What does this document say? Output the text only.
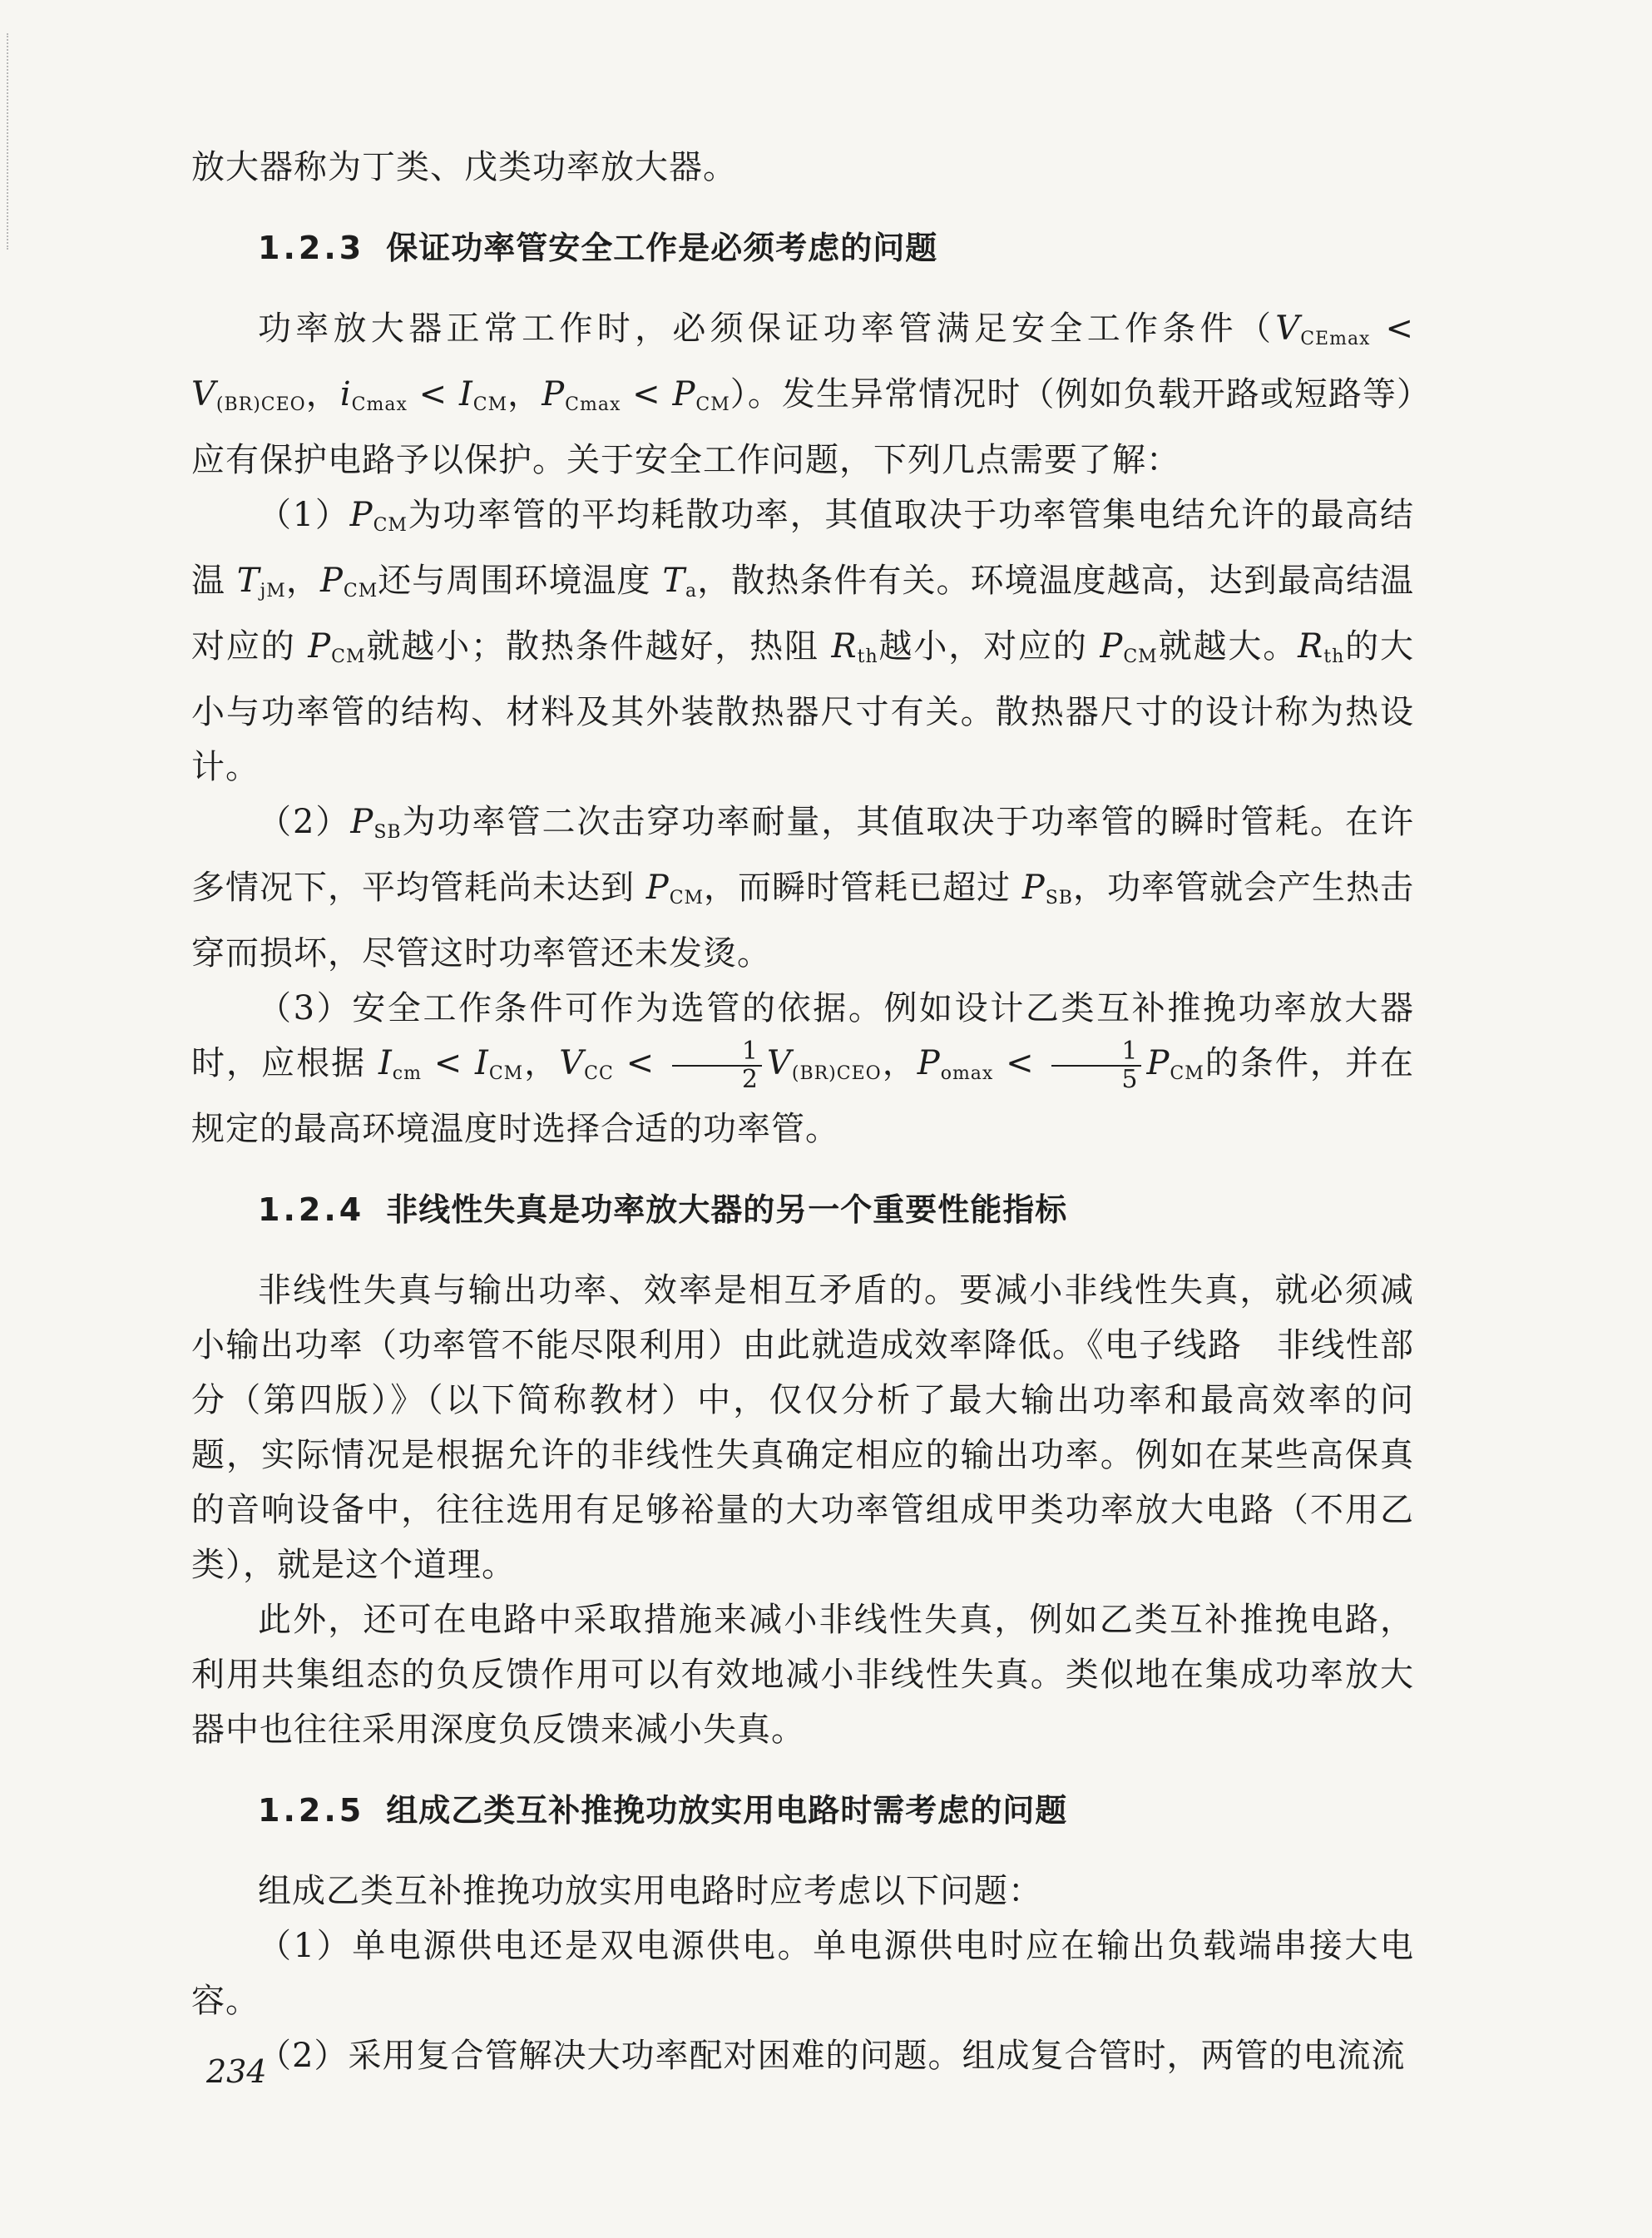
放大器称为丁类、戊类功率放大器。

1.2.3 保证功率管安全工作是必须考虑的问题

功率放大器正常工作时，必须保证功率管满足安全工作条件（$V_{CEmax} < V_{(BR)CEO}$，$i_{Cmax} < I_{CM}$，$P_{Cmax} < P_{CM}$）。发生异常情况时（例如负载开路或短路等）应有保护电路予以保护。关于安全工作问题，下列几点需要了解：

$(1)P_{CM}$为功率管的平均耗散功率，其值取决于功率管集电结允许的最高结温 $T_{jM}$，$P_{CM}$还与周围环境温度 $T_a$，散热条件有关。环境温度越高，达到最高结温对应的 $P_{CM}$就越小；散热条件越好，热阻 $R_{th}$越小，对应的 $P_{CM}$就越大。$R_{th}$的大小与功率管的结构、材料及其外装散热器尺寸有关。散热器尺寸的设计称为热设计。

$(2)P_{SB}$为功率管二次击穿功率耐量，其值取决于功率管的瞬时管耗。在许多情况下，平均管耗尚未达到 $P_{CM}$，而瞬时管耗已超过 $P_{SB}$，功率管就会产生热击穿而损坏，尽管这时功率管还未发烫。

（3）安全工作条件可作为选管的依据。例如设计乙类互补推挽功率放大器时，应根据 $I_{cm} < I_{CM}$，$V_{CC} < \frac{1}{2} V_{(BR)CEO}$，$P_{omax} < \frac{1}{5} P_{CM}$的条件，并在规定的最高环境温度时选择合适的功率管。

1.2.4 非线性失真是功率放大器的另一个重要性能指标

非线性失真与输出功率、效率是相互矛盾的。要减小非线性失真，就必须减小输出功率（功率管不能尽限利用）由此就造成效率降低。《电子线路　非线性部分（第四版）》（以下简称教材）中，仅仅分析了最大输出功率和最高效率的问题，实际情况是根据允许的非线性失真确定相应的输出功率。例如在某些高保真的音响设备中，往往选用有足够裕量的大功率管组成甲类功率放大电路（不用乙类），就是这个道理。

此外，还可在电路中采取措施来减小非线性失真，例如乙类互补推挽电路，利用共集组态的负反馈作用可以有效地减小非线性失真。类似地在集成功率放大器中也往往采用深度负反馈来减小失真。

1.2.5 组成乙类互补推挽功放实用电路时需考虑的问题

组成乙类互补推挽功放实用电路时应考虑以下问题：

（1）单电源供电还是双电源供电。单电源供电时应在输出负载端串接大电容。

（2）采用复合管解决大功率配对困难的问题。组成复合管时，两管的电流流

234
